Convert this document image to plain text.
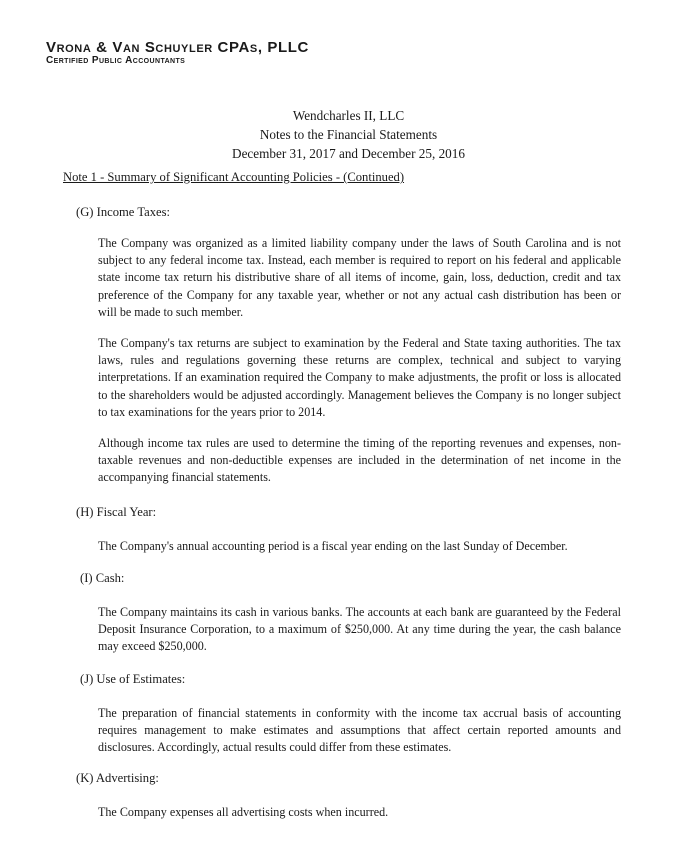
Vrona & Van Schuyler CPAs, PLLC
Certified Public Accountants
Wendcharles II, LLC
Notes to the Financial Statements
December 31, 2017 and December 25, 2016
Note 1 - Summary of Significant Accounting Policies - (Continued)
(G) Income Taxes:
The Company was organized as a limited liability company under the laws of South Carolina and is not subject to any federal income tax. Instead, each member is required to report on his federal and applicable state income tax return his distributive share of all items of income, gain, loss, deduction, credit and tax preference of the Company for any taxable year, whether or not any actual cash distribution has been or will be made to such member.
The Company's tax returns are subject to examination by the Federal and State taxing authorities. The tax laws, rules and regulations governing these returns are complex, technical and subject to varying interpretations. If an examination required the Company to make adjustments, the profit or loss is allocated to the shareholders would be adjusted accordingly. Management believes the Company is no longer subject to tax examinations for the years prior to 2014.
Although income tax rules are used to determine the timing of the reporting revenues and expenses, non-taxable revenues and non-deductible expenses are included in the determination of net income in the accompanying financial statements.
(H) Fiscal Year:
The Company's annual accounting period is a fiscal year ending on the last Sunday of December.
(I) Cash:
The Company maintains its cash in various banks. The accounts at each bank are guaranteed by the Federal Deposit Insurance Corporation, to a maximum of $250,000. At any time during the year, the cash balance may exceed $250,000.
(J) Use of Estimates:
The preparation of financial statements in conformity with the income tax accrual basis of accounting requires management to make estimates and assumptions that affect certain reported amounts and disclosures. Accordingly, actual results could differ from these estimates.
(K) Advertising:
The Company expenses all advertising costs when incurred.
